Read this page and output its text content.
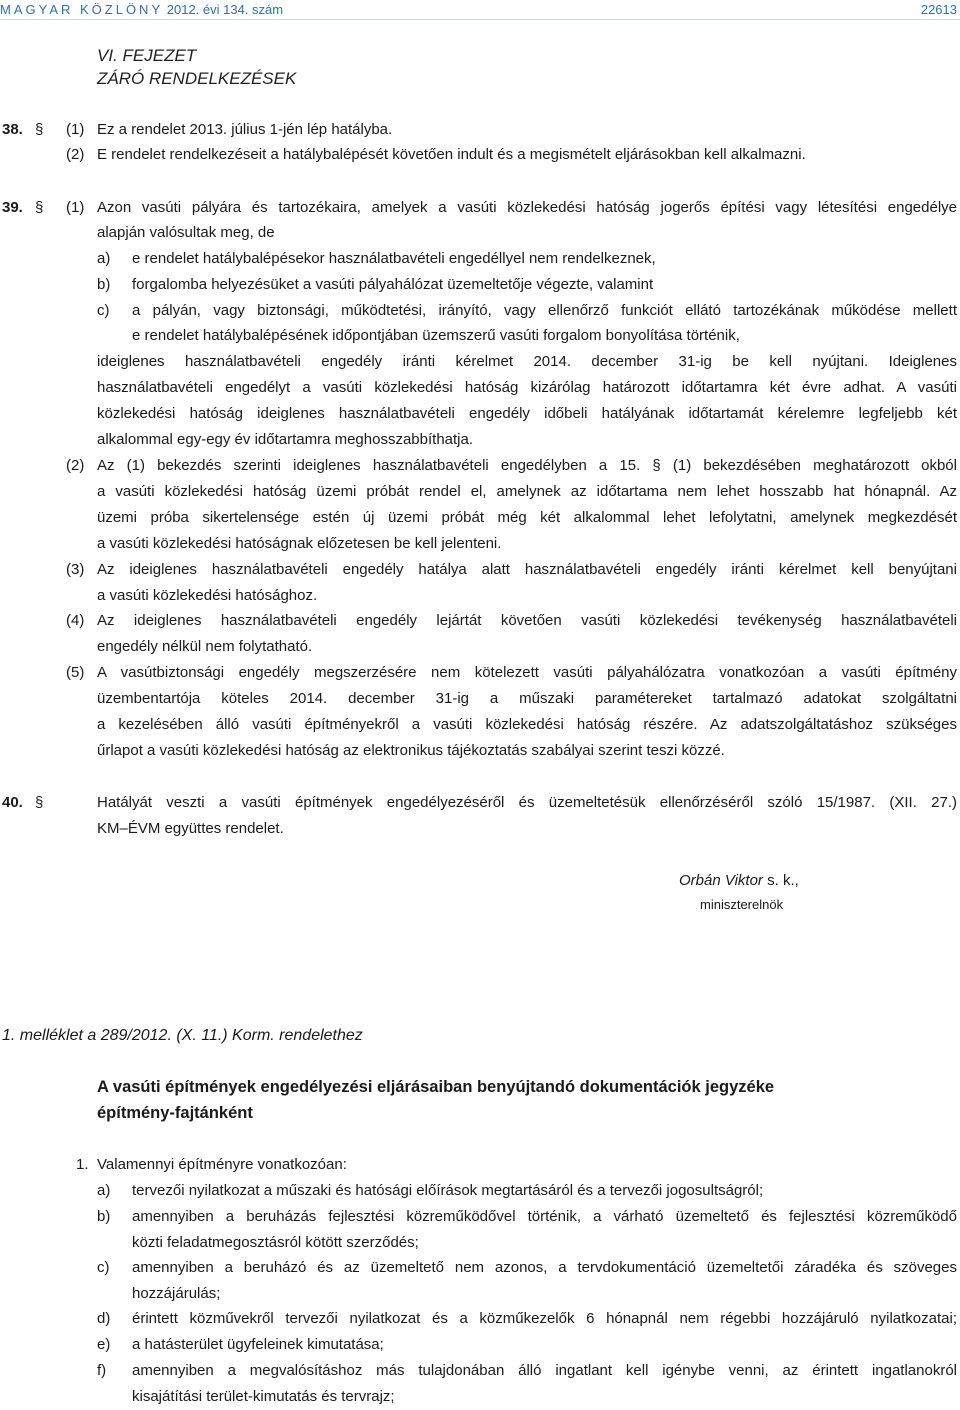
MAGYAR KÖZLÖNY 2012. évi 134. szám	22613
VI. FEJEZET
ZÁRÓ RENDELKEZÉSEK
38. § (1) Ez a rendelet 2013. július 1-jén lép hatályba.
(2) E rendelet rendelkezéseit a hatálybalépését követően indult és a megismételt eljárásokban kell alkalmazni.
39. § (1) Azon vasúti pályára és tartozékaira, amelyek a vasúti közlekedési hatóság jogerős építési vagy létesítési engedélye
alapján valósultak meg, de
a) e rendelet hatálybalépésekor használatbavételi engedéllyel nem rendelkeznek,
b) forgalomba helyezésüket a vasúti pályahálózat üzemeltetője végezte, valamint
c) a pályán, vagy biztonsági, működtetési, irányító, vagy ellenőrző funkciót ellátó tartozékának működése mellett
e rendelet hatálybalépésének időpontjában üzemszerű vasúti forgalom bonyolítása történik,
ideiglenes használatbavételi engedély iránti kérelmet 2014. december 31-ig be kell nyújtani. Ideiglenes
használatbavételi engedélyt a vasúti közlekedési hatóság kizárólag határozott időtartamra két évre adhat. A vasúti
közlekedési hatóság ideiglenes használatbavételi engedély időbeli hatályának időtartamát kérelemre legfeljebb két
alkalommal egy-egy év időtartamra meghosszabbíthatja.
(2) Az (1) bekezdés szerinti ideiglenes használatbavételi engedélyben a 15. § (1) bekezdésében meghatározott okból
a vasúti közlekedési hatóság üzemi próbát rendel el, amelynek az időtartama nem lehet hosszabb hat hónapnál. Az
üzemi próba sikertelensége estén új üzemi próbát még két alkalommal lehet lefolytatni, amelynek megkezdését
a vasúti közlekedési hatóságnak előzetesen be kell jelenteni.
(3) Az ideiglenes használatbavételi engedély hatálya alatt használatbavételi engedély iránti kérelmet kell benyújtani
a vasúti közlekedési hatósághoz.
(4) Az ideiglenes használatbavételi engedély lejártát követően vasúti közlekedési tevékenység használatbavételi
engedély nélkül nem folytatható.
(5) A vasútbiztonsági engedély megszerzésére nem kötelezett vasúti pályahálózatra vonatkozóan a vasúti építmény
üzembentartója köteles 2014. december 31-ig a műszaki paramétereket tartalmazó adatokat szolgáltatni
a kezelésében álló vasúti építményekről a vasúti közlekedési hatóság részére. Az adatszolgáltatáshoz szükséges
űrlapot a vasúti közlekedési hatóság az elektronikus tájékoztatás szabályai szerint teszi közzé.
40. §	Hatályát veszti a vasúti építmények engedélyezéséről és üzemeltetésük ellenőrzéséről szóló 15/1987. (XII. 27.)
KM–ÉVM együttes rendelet.
Orbán Viktor s. k.,
miniszterelnök
1. melléklet a 289/2012. (X. 11.) Korm. rendelethez
A vasúti építmények engedélyezési eljárásaiban benyújtandó dokumentációk jegyzéke
építmény-fajtánként
1. Valamennyi építményre vonatkozóan:
a) tervezői nyilatkozat a műszaki és hatósági előírások megtartásáról és a tervezői jogosultságról;
b) amennyiben a beruházás fejlesztési közreműködővel történik, a várható üzemeltető és fejlesztési közreműködő
közti feladatmegosztásról kötött szerződés;
c) amennyiben a beruházó és az üzemeltető nem azonos, a tervdokumentáció üzemeltetői záradéka és szöveges
hozzájárulás;
d) érintett közművekről tervezői nyilatkozat és a közműkezelők 6 hónapnál nem régebbi hozzájáruló nyilatkozatai;
e) a hatásterület ügyfeleinek kimutatása;
f) amennyiben a megvalósításhoz más tulajdonában álló ingatlant kell igénybe venni, az érintett ingatlanokról
kisajátítási terület-kimutatás és tervrajz;
